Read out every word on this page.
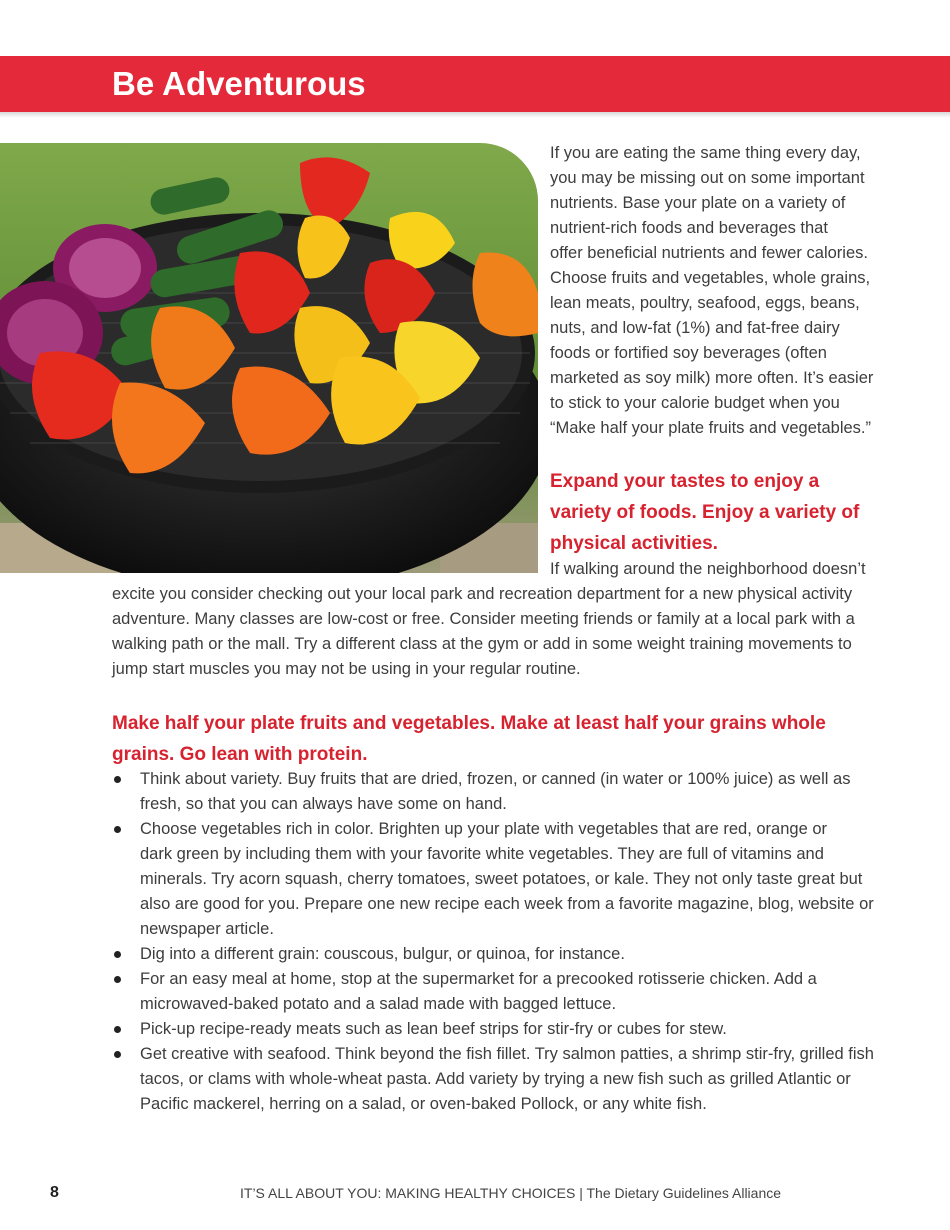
Be Adventurous

If you are eating the same thing every day,
you may be missing out on some important
nutrients. Base your plate on a variety of
nutrient-rich foods and beverages that
offer beneficial nutrients and fewer calories.
Choose fruits and vegetables, whole grains,
lean meats, poultry, seafood, eggs, beans,
nuts, and low-fat (1%) and fat-free dairy
foods or fortified soy beverages (often
marketed as soy milk) more often. It’s easier
to stick to your calorie budget when you
“Make half your plate fruits and vegetables.”

Expand your tastes to enjoy a
variety of foods. Enjoy a variety of
physical activities.

If walking around the neighborhood doesn’t

excite you consider checking out your local park and recreation department for a new physical activity
adventure. Many classes are low-cost or free. Consider meeting friends or family at a local park with a
walking path or the mall. Try a different class at the gym or add in some weight training movements to
jump start muscles you may not be using in your regular routine.

Make half your plate fruits and vegetables. Make at least half your grains whole
grains. Go lean with protein.
Think about variety. Buy fruits that are dried, frozen, or canned (in water or 100% juice) as well as
fresh, so that you can always have some on hand.
Choose vegetables rich in color. Brighten up your plate with vegetables that are red, orange or
dark green by including them with your favorite white vegetables. They are full of vitamins and
minerals. Try acorn squash, cherry tomatoes, sweet potatoes, or kale. They not only taste great but
also are good for you. Prepare one new recipe each week from a favorite magazine, blog, website or
newspaper article.
Dig into a different grain: couscous, bulgur, or quinoa, for instance.
For an easy meal at home, stop at the supermarket for a precooked rotisserie chicken. Add a
microwaved-baked potato and a salad made with bagged lettuce.
Pick-up recipe-ready meats such as lean beef strips for stir-fry or cubes for stew.
Get creative with seafood. Think beyond the fish fillet. Try salmon patties, a shrimp stir-fry, grilled fish
tacos, or clams with whole-wheat pasta. Add variety by trying a new fish such as grilled Atlantic or
Pacific mackerel, herring on a salad, or oven-baked Pollock, or any white fish.
8	IT’S ALL ABOUT YOU: MAKING HEALTHY CHOICES | The Dietary Guidelines Alliance
